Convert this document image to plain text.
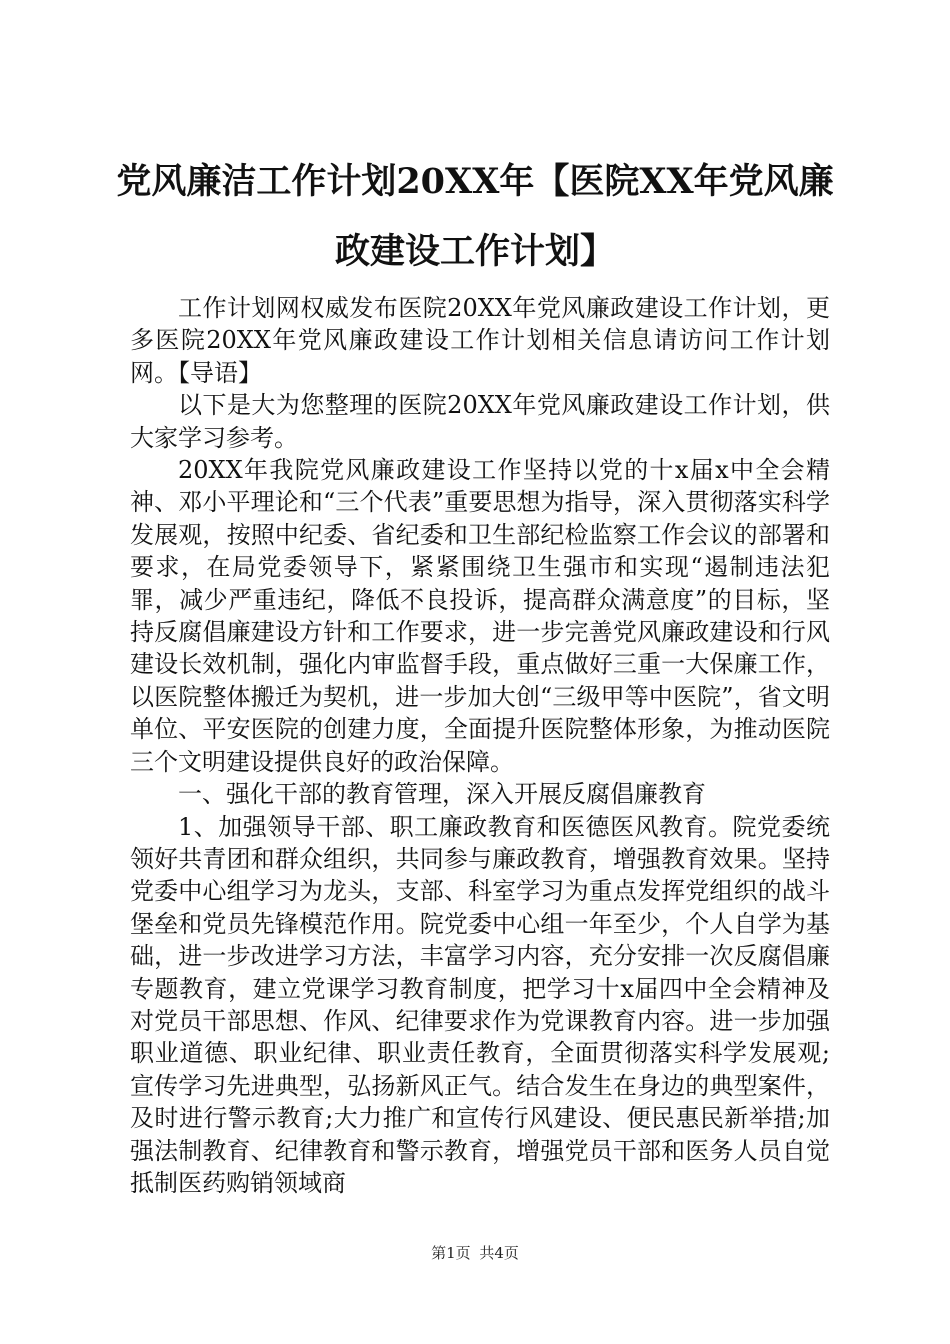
党风廉洁工作计划20XX年【医院XX年党风廉政建设工作计划】

工作计划网权威发布医院20XX年党风廉政建设工作计划，更多医院20XX年党风廉政建设工作计划相关信息请访问工作计划网。【导语】

以下是大为您整理的医院20XX年党风廉政建设工作计划，供大家学习参考。

20XX年我院党风廉政建设工作坚持以党的十x届x中全会精神、邓小平理论和“三个代表”重要思想为指导，深入贯彻落实科学发展观，按照中纪委、省纪委和卫生部纪检监察工作会议的部署和要求，在局党委领导下，紧紧围绕卫生强市和实现“遏制违法犯罪，减少严重违纪，降低不良投诉，提高群众满意度”的目标，坚持反腐倡廉建设方针和工作要求，进一步完善党风廉政建设和行风建设长效机制，强化内审监督手段，重点做好三重一大保廉工作，以医院整体搬迁为契机，进一步加大创“三级甲等中医院”，省文明单位、平安医院的创建力度，全面提升医院整体形象，为推动医院三个文明建设提供良好的政治保障。

一、强化干部的教育管理，深入开展反腐倡廉教育

1、加强领导干部、职工廉政教育和医德医风教育。院党委统领好共青团和群众组织，共同参与廉政教育，增强教育效果。坚持党委中心组学习为龙头，支部、科室学习为重点发挥党组织的战斗堡垒和党员先锋模范作用。院党委中心组一年至少，个人自学为基础，进一步改进学习方法，丰富学习内容，充分安排一次反腐倡廉专题教育，建立党课学习教育制度，把学习十x届四中全会精神及对党员干部思想、作风、纪律要求作为党课教育内容。进一步加强职业道德、职业纪律、职业责任教育，全面贯彻落实科学发展观;宣传学习先进典型，弘扬新风正气。结合发生在身边的典型案件，及时进行警示教育;大力推广和宣传行风建设、便民惠民新举措;加强法制教育、纪律教育和警示教育，增强党员干部和医务人员自觉抵制医药购销领域商

第1页 共4页
